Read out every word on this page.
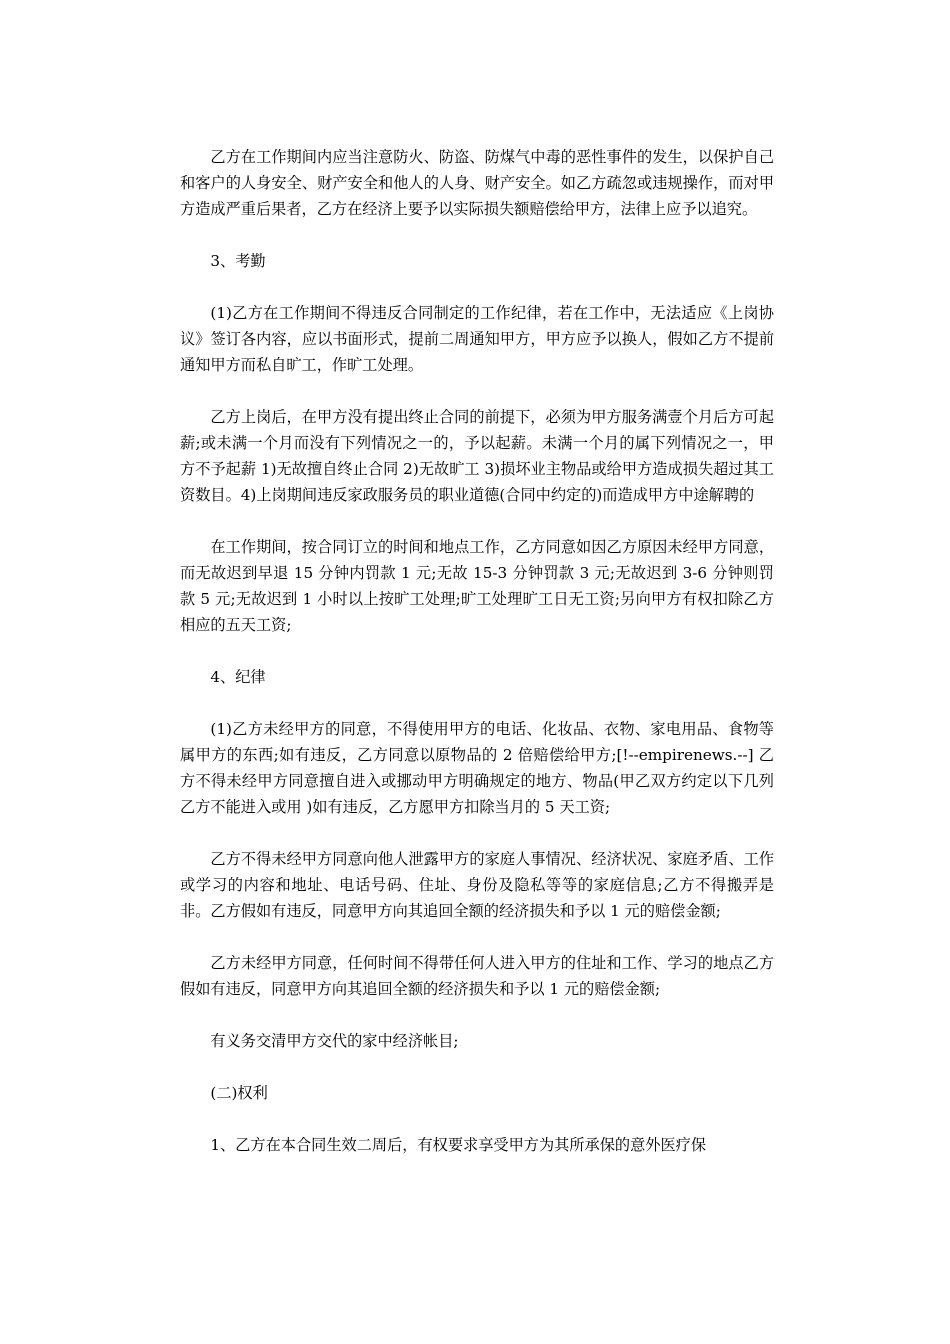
乙方在工作期间内应当注意防火、防盗、防煤气中毒的恶性事件的发生，以保护自己和客户的人身安全、财产安全和他人的人身、财产安全。如乙方疏忽或违规操作，而对甲方造成严重后果者，乙方在经济上要予以实际损失额赔偿给甲方，法律上应予以追究。

3、考勤

(1)乙方在工作期间不得违反合同制定的工作纪律，若在工作中，无法适应《上岗协议》签订各内容，应以书面形式，提前二周通知甲方，甲方应予以换人，假如乙方不提前通知甲方而私自旷工，作旷工处理。

乙方上岗后，在甲方没有提出终止合同的前提下，必须为甲方服务满壹个月后方可起薪;或未满一个月而没有下列情况之一的，予以起薪。未满一个月的属下列情况之一，甲方不予起薪 1)无故擅自终止合同 2)无故旷工 3)损坏业主物品或给甲方造成损失超过其工资数目。4)上岗期间违反家政服务员的职业道德(合同中约定的)而造成甲方中途解聘的

在工作期间，按合同订立的时间和地点工作，乙方同意如因乙方原因未经甲方同意，而无故迟到早退 15 分钟内罚款 1 元;无故 15-3 分钟罚款 3 元;无故迟到 3-6 分钟则罚款 5 元;无故迟到 1 小时以上按旷工处理;旷工处理旷工日无工资;另向甲方有权扣除乙方相应的五天工资;

4、纪律

(1)乙方未经甲方的同意，不得使用甲方的电话、化妆品、衣物、家电用品、食物等属甲方的东西;如有违反，乙方同意以原物品的 2 倍赔偿给甲方;[!--empirenews.--] 乙方不得未经甲方同意擅自进入或挪动甲方明确规定的地方、物品(甲乙双方约定以下几列乙方不能进入或用 )如有违反，乙方愿甲方扣除当月的 5 天工资;

乙方不得未经甲方同意向他人泄露甲方的家庭人事情况、经济状况、家庭矛盾、工作或学习的内容和地址、电话号码、住址、身份及隐私等等的家庭信息;乙方不得搬弄是非。乙方假如有违反，同意甲方向其追回全额的经济损失和予以 1 元的赔偿金额;

乙方未经甲方同意，任何时间不得带任何人进入甲方的住址和工作、学习的地点乙方假如有违反，同意甲方向其追回全额的经济损失和予以 1 元的赔偿金额;

有义务交清甲方交代的家中经济帐目;

(二)权利

1、乙方在本合同生效二周后，有权要求享受甲方为其所承保的意外医疗保
